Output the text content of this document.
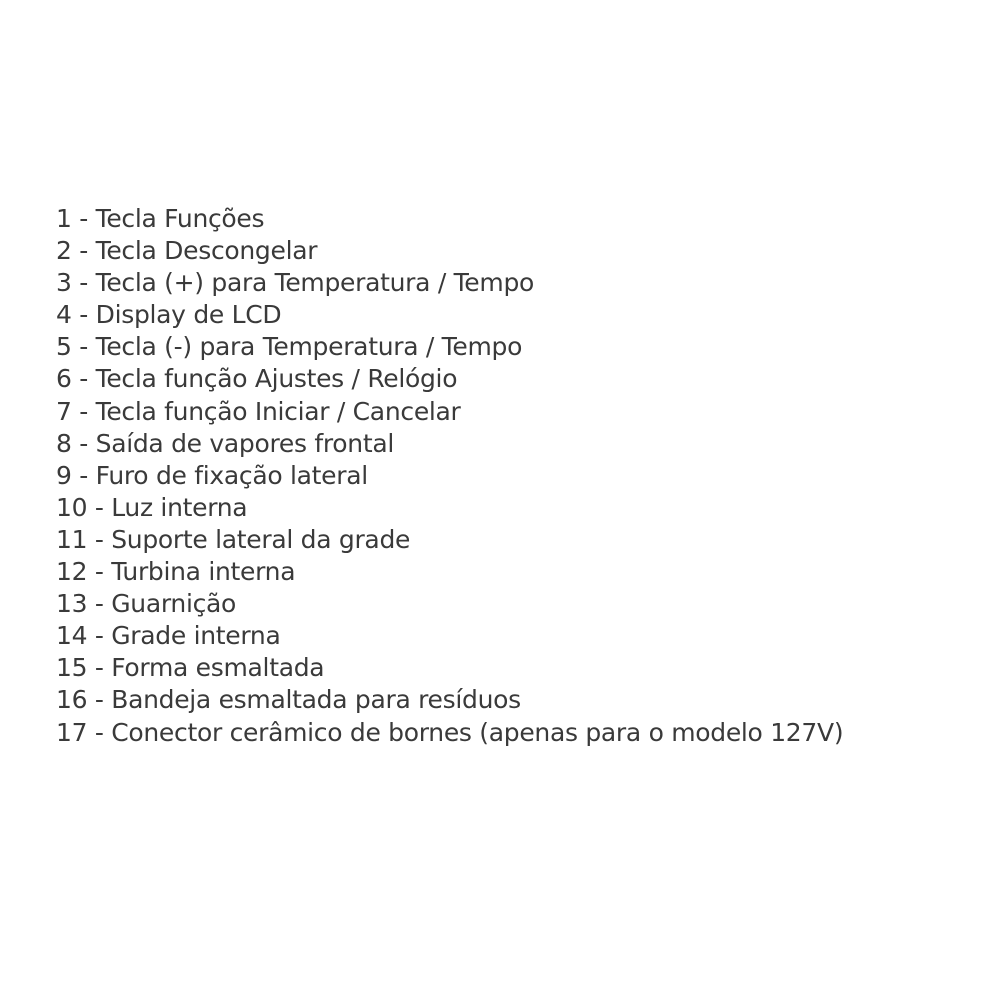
1 - Tecla Funções
2 - Tecla Descongelar
3 - Tecla (+) para Temperatura / Tempo
4 - Display de LCD
5 - Tecla (-) para Temperatura / Tempo
6 - Tecla função Ajustes / Relógio
7 - Tecla função Iniciar / Cancelar
8 - Saída de vapores frontal
9 - Furo de fixação lateral
10 - Luz interna
11 - Suporte lateral da grade
12 - Turbina interna
13 - Guarnição
14 - Grade interna
15 - Forma esmaltada
16 - Bandeja esmaltada para resíduos
17 - Conector cerâmico de bornes (apenas para o modelo 127V)
